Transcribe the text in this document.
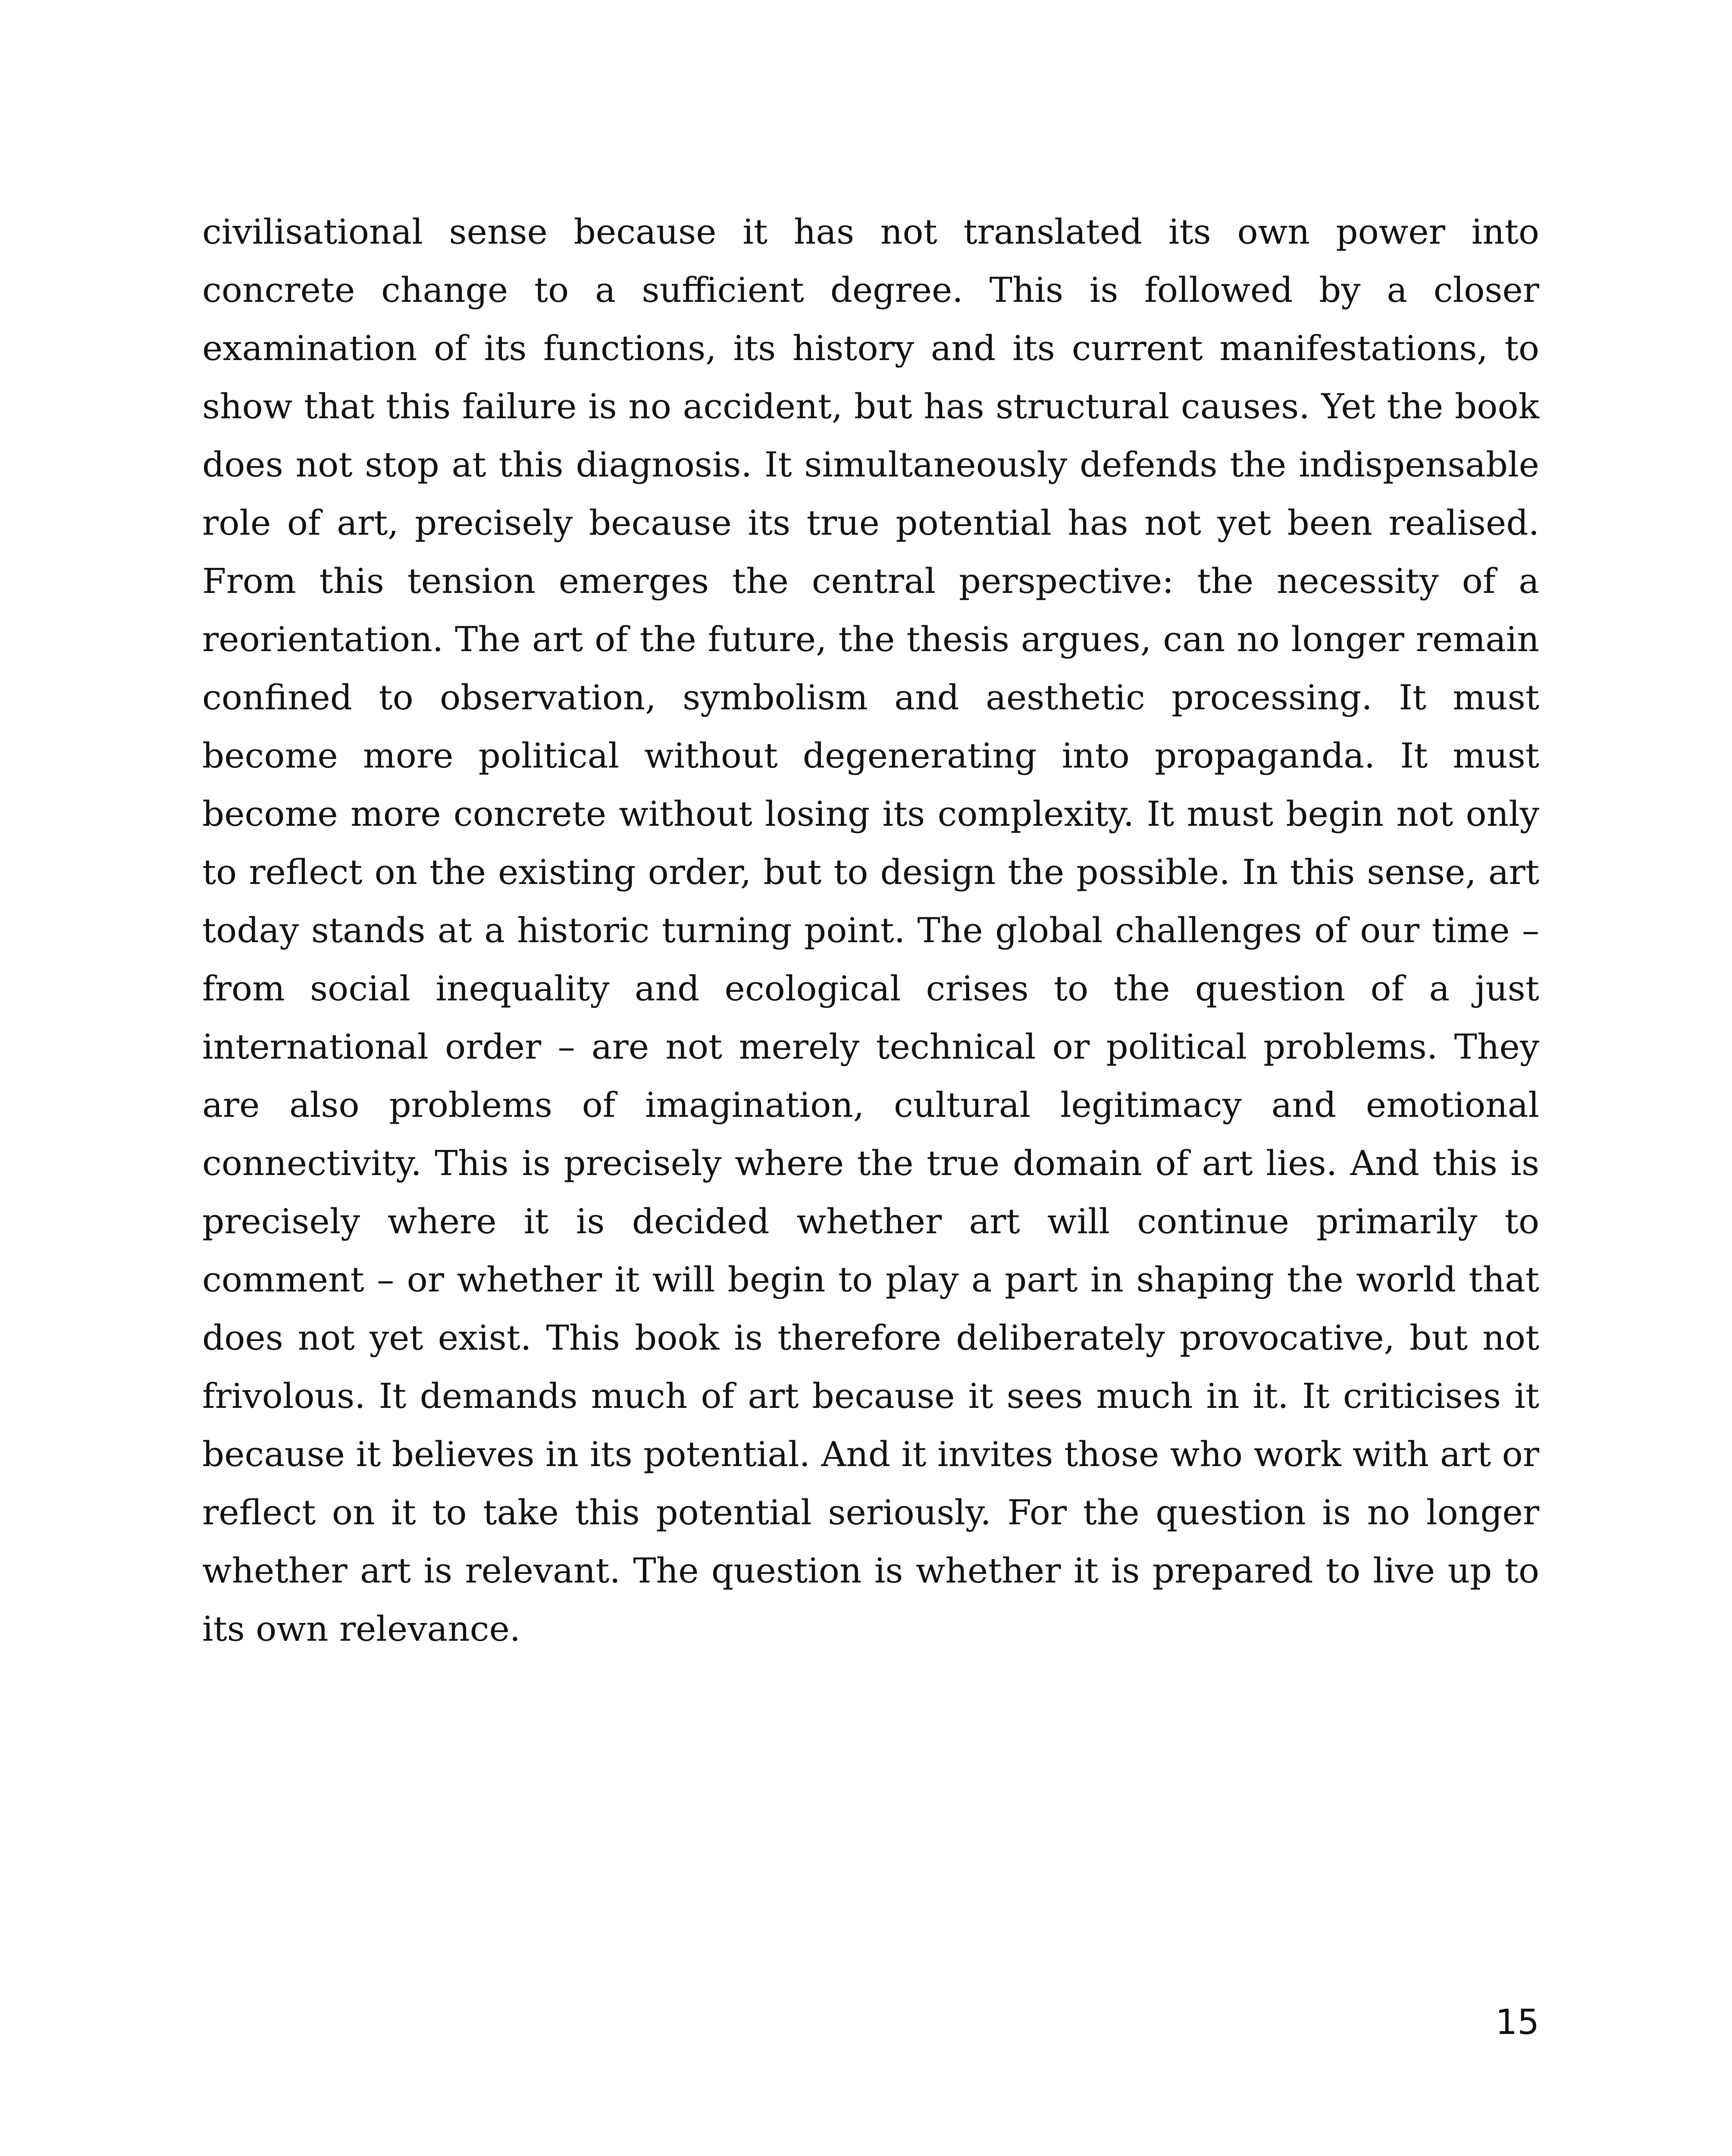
civilisational sense because it has not translated its own power into concrete change to a sufficient degree. This is followed by a closer examination of its functions, its history and its current manifestations, to show that this failure is no accident, but has structural causes. Yet the book does not stop at this diagnosis. It simultaneously defends the indispensable role of art, precisely because its true potential has not yet been realised. From this tension emerges the central perspective: the necessity of a reorientation. The art of the future, the thesis argues, can no longer remain confined to observation, symbolism and aesthetic processing. It must become more political without degenerating into propaganda. It must become more concrete without losing its complexity. It must begin not only to reflect on the existing order, but to design the possible. In this sense, art today stands at a historic turning point. The global challenges of our time – from social inequality and ecological crises to the question of a just international order – are not merely technical or political problems. They are also problems of imagination, cultural legitimacy and emotional connectivity. This is precisely where the true domain of art lies. And this is precisely where it is decided whether art will continue primarily to comment – or whether it will begin to play a part in shaping the world that does not yet exist. This book is therefore deliberately provocative, but not frivolous. It demands much of art because it sees much in it. It criticises it because it believes in its potential. And it invites those who work with art or reflect on it to take this potential seriously. For the question is no longer whether art is relevant. The question is whether it is prepared to live up to its own relevance.

15
